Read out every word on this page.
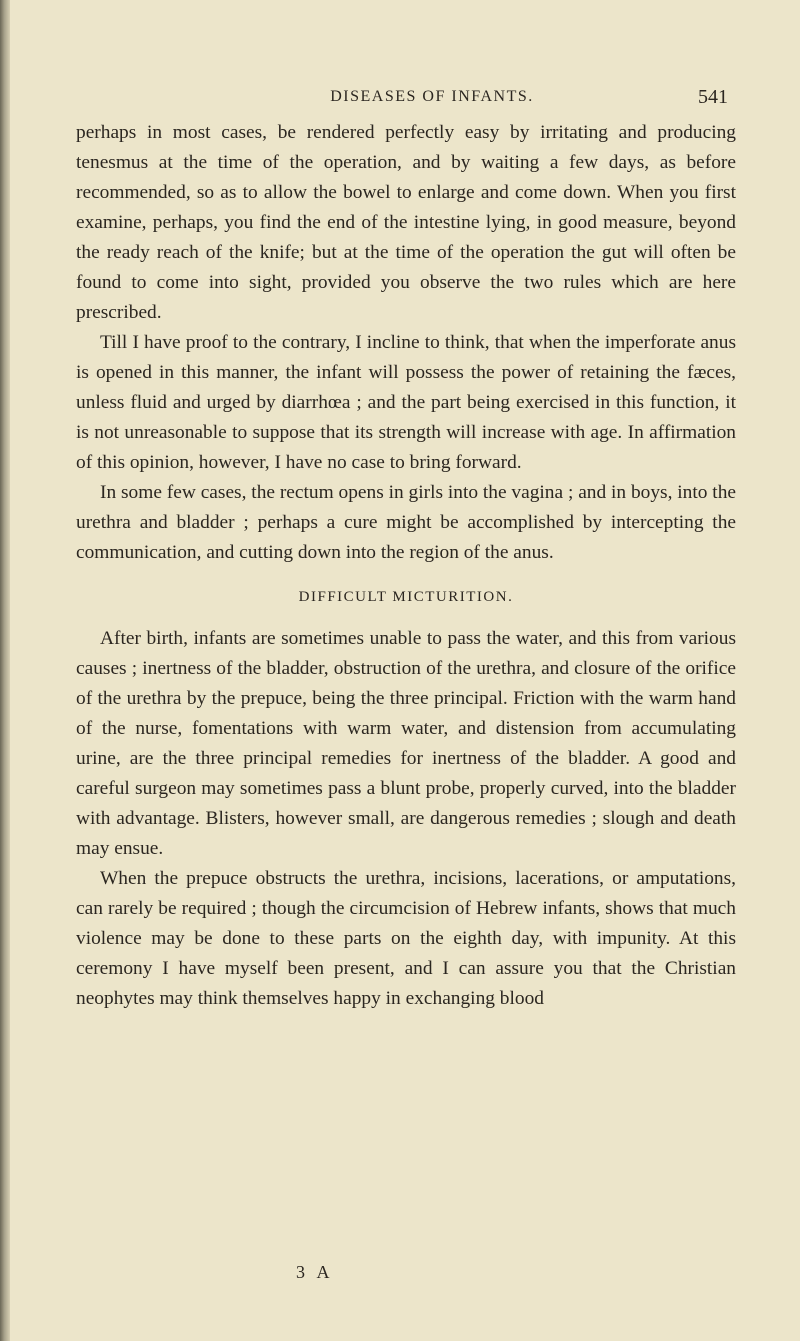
DISEASES OF INFANTS.	541

perhaps in most cases, be rendered perfectly easy by irritating and producing tenesmus at the time of the operation, and by waiting a few days, as before recommended, so as to allow the bowel to enlarge and come down. When you first examine, perhaps, you find the end of the intestine lying, in good measure, beyond the ready reach of the knife; but at the time of the operation the gut will often be found to come into sight, provided you observe the two rules which are here prescribed.

Till I have proof to the contrary, I incline to think, that when the imperforate anus is opened in this manner, the infant will possess the power of retaining the fæces, unless fluid and urged by diarrhœa ; and the part being exercised in this function, it is not unreasonable to suppose that its strength will increase with age. In affirmation of this opinion, however, I have no case to bring forward.

In some few cases, the rectum opens in girls into the vagina ; and in boys, into the urethra and bladder ; perhaps a cure might be accomplished by intercepting the communication, and cutting down into the region of the anus.

DIFFICULT MICTURITION.

After birth, infants are sometimes unable to pass the water, and this from various causes ; inertness of the bladder, obstruction of the urethra, and closure of the orifice of the urethra by the prepuce, being the three principal. Friction with the warm hand of the nurse, fomentations with warm water, and distension from accumulating urine, are the three principal remedies for inertness of the bladder. A good and careful surgeon may sometimes pass a blunt probe, properly curved, into the bladder with advantage. Blisters, however small, are dangerous remedies ; slough and death may ensue.

When the prepuce obstructs the urethra, incisions, lacerations, or amputations, can rarely be required ; though the circumcision of Hebrew infants, shows that much violence may be done to these parts on the eighth day, with impunity. At this ceremony I have myself been present, and I can assure you that the Christian neophytes may think themselves happy in exchanging blood

3 A
